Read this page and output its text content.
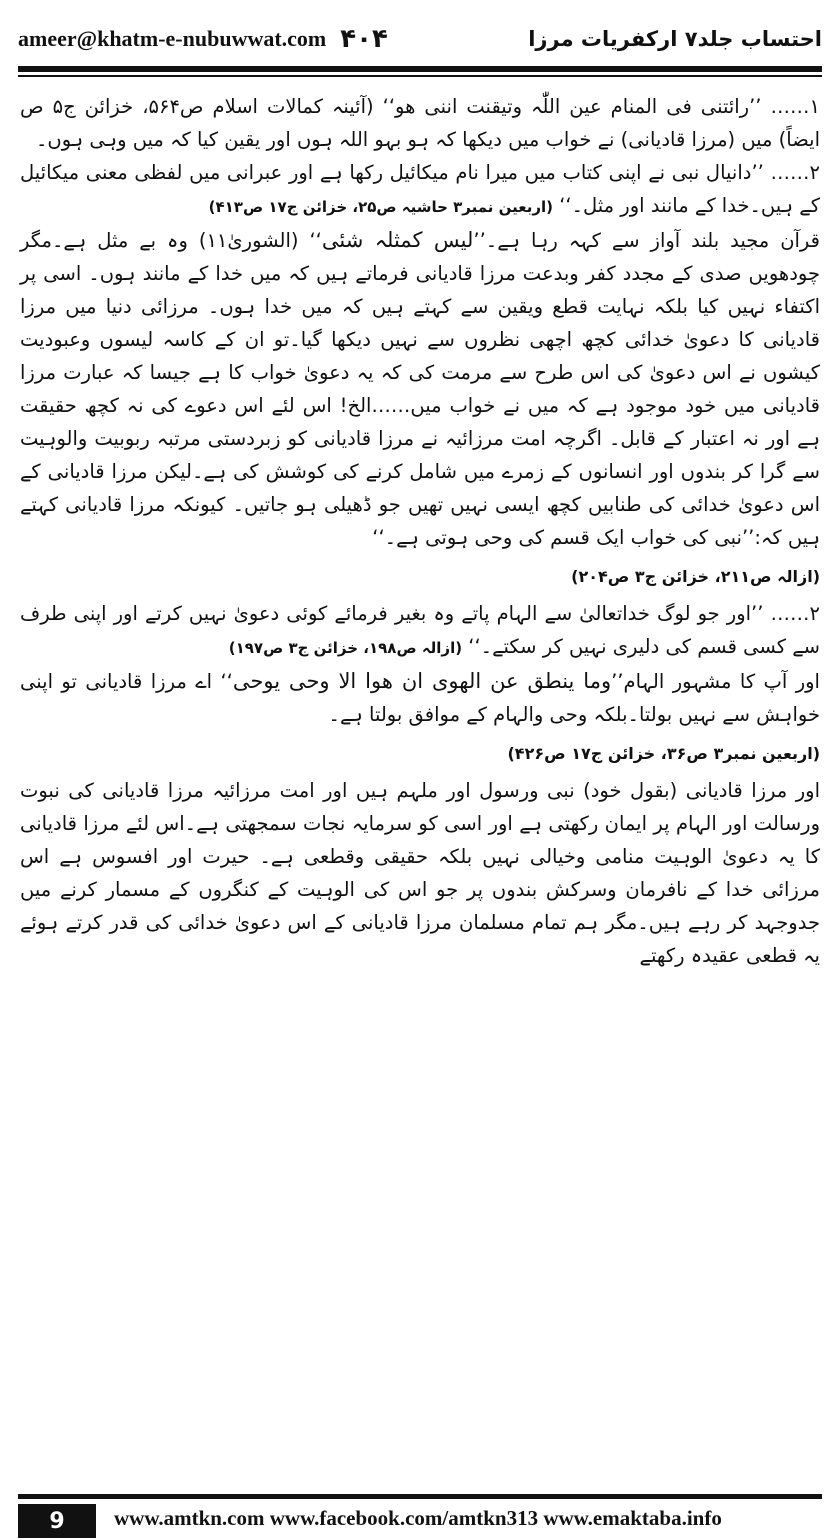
ameer@khatm-e-nubuwwat.com ۴۰۴	احتساب جلد۷ ارکفریات مرزا

۱…… ’’رائتنی فی المنام عین اللّٰہ وتیقنت اننی ھو‘‘ (آئینہ کمالات اسلام ص۵۶۴، خزائن ج۵ ص ایضاً) میں (مرزا قادیانی) نے خواب میں دیکھا کہ ہو بہو اللہ ہوں اور یقین کیا کہ میں وہی ہوں۔

۲…… ’’دانیال نبی نے اپنی کتاب میں میرا نام میکائیل رکھا ہے اور عبرانی میں لفظی معنی میکائیل کے ہیں۔خدا کے مانند اور مثل۔‘‘ (اربعین نمبر۳ حاشیہ ص۲۵، خزائن ج۱۷ ص۴۱۳)

قرآن مجید بلند آواز سے کہہ رہا ہے۔’’لیس کمثلہ شئی‘‘ (الشوریٰ۱۱) وہ بے مثل ہے۔مگر چودھویں صدی کے مجدد کفر وبدعت مرزا قادیانی فرماتے ہیں کہ میں خدا کے مانند ہوں۔ اسی پر اکتفاء نہیں کیا بلکہ نہایت قطع ویقین سے کہتے ہیں کہ میں خدا ہوں۔ مرزائی دنیا میں مرزا قادیانی کا دعویٰ خدائی کچھ اچھی نظروں سے نہیں دیکھا گیا۔تو ان کے کاسہ لیسوں وعبودیت کیشوں نے اس دعویٰ کی اس طرح سے مرمت کی کہ یہ دعویٰ خواب کا ہے جیسا کہ عبارت مرزا قادیانی میں خود موجود ہے کہ میں نے خواب میں……الخ! اس لئے اس دعوے کی نہ کچھ حقیقت ہے اور نہ اعتبار کے قابل۔ اگرچہ امت مرزائیہ نے مرزا قادیانی کو زبردستی مرتبہ ربوبیت والوہیت سے گرا کر بندوں اور انسانوں کے زمرے میں شامل کرنے کی کوشش کی ہے۔لیکن مرزا قادیانی کے اس دعویٰ خدائی کی طنابیں کچھ ایسی نہیں تھیں جو ڈھیلی ہو جاتیں۔ کیونکہ مرزا قادیانی کہتے ہیں کہ:’’نبی کی خواب ایک قسم کی وحی ہوتی ہے۔‘‘

(ازالہ ص۲۱۱، خزائن ج۳ ص۲۰۴)

۲…… ’’اور جو لوگ خداتعالیٰ سے الہام پاتے وہ بغیر فرمائے کوئی دعویٰ نہیں کرتے اور اپنی طرف سے کسی قسم کی دلیری نہیں کر سکتے۔‘‘ (ازالہ ص۱۹۸، خزائن ج۳ ص۱۹۷)

اور آپ کا مشہور الہام’’وما ینطق عن الھوی ان ھوا الا وحی یوحی‘‘ اے مرزا قادیانی تو اپنی خواہش سے نہیں بولتا۔بلکہ وحی والہام کے موافق بولتا ہے۔

(اربعین نمبر۳ ص۳۶، خزائن ج۱۷ ص۴۲۶)

اور مرزا قادیانی (بقول خود) نبی ورسول اور ملہم ہیں اور امت مرزائیہ مرزا قادیانی کی نبوت ورسالت اور الہام پر ایمان رکھتی ہے اور اسی کو سرمایہ نجات سمجھتی ہے۔اس لئے مرزا قادیانی کا یہ دعویٰ الوہیت منامی وخیالی نہیں بلکہ حقیقی وقطعی ہے۔ حیرت اور افسوس ہے اس مرزائی خدا کے نافرمان وسرکش بندوں پر جو اس کی الوہیت کے کنگروں کے مسمار کرنے میں جدوجہد کر رہے ہیں۔مگر ہم تمام مسلمان مرزا قادیانی کے اس دعویٰ خدائی کی قدر کرتے ہوئے یہ قطعی عقیدہ رکھتے

9	www.amtkn.com www.facebook.com/amtkn313 www.emaktaba.info
